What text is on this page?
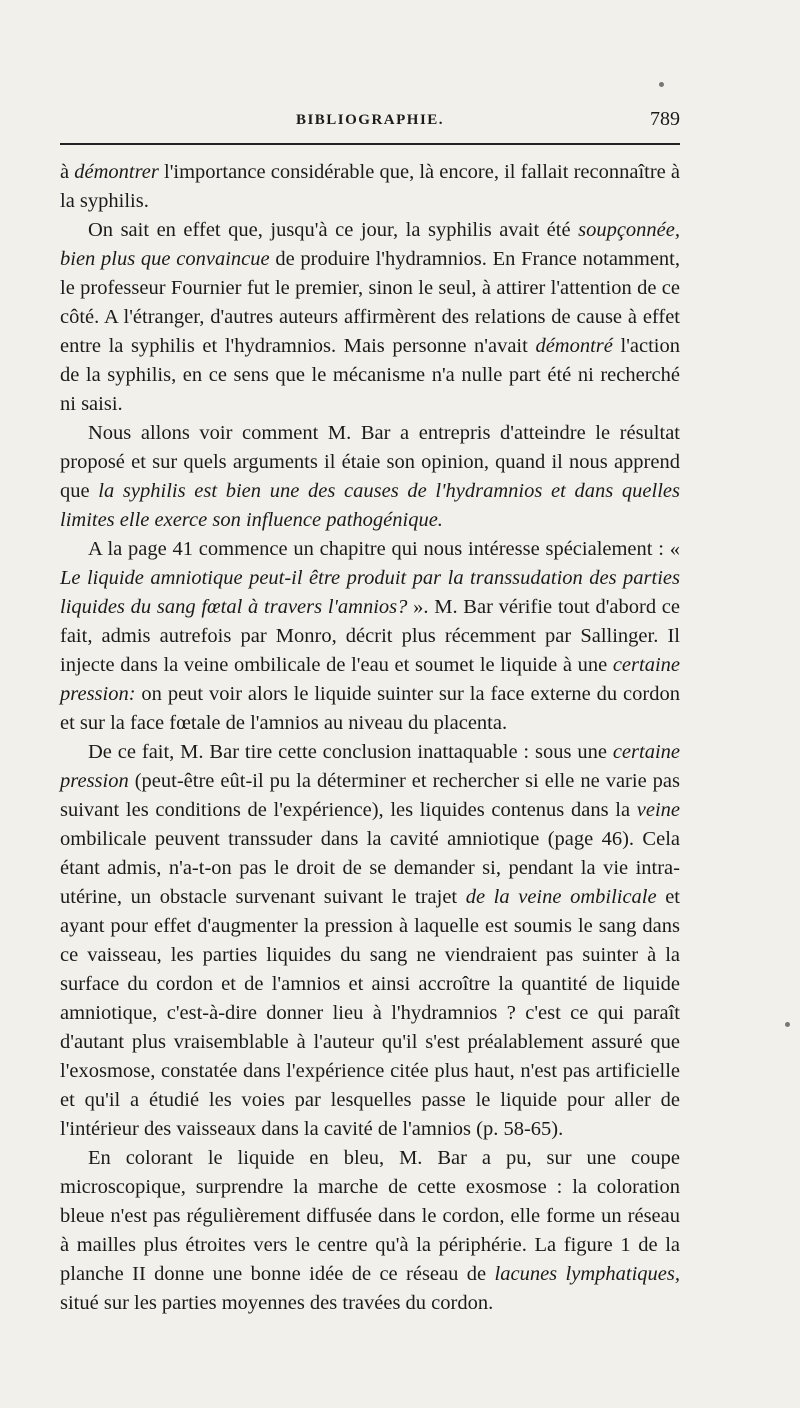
BIBLIOGRAPHIE.	789

à démontrer l'importance considérable que, là encore, il fallait reconnaître à la syphilis.

On sait en effet que, jusqu'à ce jour, la syphilis avait été soupçonnée, bien plus que convaincue de produire l'hydramnios. En France notamment, le professeur Fournier fut le premier, sinon le seul, à attirer l'attention de ce côté. A l'étranger, d'autres auteurs affirmèrent des relations de cause à effet entre la syphilis et l'hydramnios. Mais personne n'avait démontré l'action de la syphilis, en ce sens que le mécanisme n'a nulle part été ni recherché ni saisi.

Nous allons voir comment M. Bar a entrepris d'atteindre le résultat proposé et sur quels arguments il étaie son opinion, quand il nous apprend que la syphilis est bien une des causes de l'hydramnios et dans quelles limites elle exerce son influence pathogénique.

A la page 41 commence un chapitre qui nous intéresse spécialement : « Le liquide amniotique peut-il être produit par la transsudation des parties liquides du sang fœtal à travers l'amnios? ». M. Bar vérifie tout d'abord ce fait, admis autrefois par Monro, décrit plus récemment par Sallinger. Il injecte dans la veine ombilicale de l'eau et soumet le liquide à une certaine pression: on peut voir alors le liquide suinter sur la face externe du cordon et sur la face fœtale de l'amnios au niveau du placenta.

De ce fait, M. Bar tire cette conclusion inattaquable : sous une certaine pression (peut-être eût-il pu la déterminer et rechercher si elle ne varie pas suivant les conditions de l'expérience), les liquides contenus dans la veine ombilicale peuvent transsuder dans la cavité amniotique (page 46). Cela étant admis, n'a-t-on pas le droit de se demander si, pendant la vie intra-utérine, un obstacle survenant suivant le trajet de la veine ombilicale et ayant pour effet d'augmenter la pression à laquelle est soumis le sang dans ce vaisseau, les parties liquides du sang ne viendraient pas suinter à la surface du cordon et de l'amnios et ainsi accroître la quantité de liquide amniotique, c'est-à-dire donner lieu à l'hydramnios ? c'est ce qui paraît d'autant plus vraisemblable à l'auteur qu'il s'est préalablement assuré que l'exosmose, constatée dans l'expérience citée plus haut, n'est pas artificielle et qu'il a étudié les voies par lesquelles passe le liquide pour aller de l'intérieur des vaisseaux dans la cavité de l'amnios (p. 58-65).

En colorant le liquide en bleu, M. Bar a pu, sur une coupe microscopique, surprendre la marche de cette exosmose : la coloration bleue n'est pas régulièrement diffusée dans le cordon, elle forme un réseau à mailles plus étroites vers le centre qu'à la périphérie. La figure 1 de la planche II donne une bonne idée de ce réseau de lacunes lymphatiques, situé sur les parties moyennes des travées du cordon.
